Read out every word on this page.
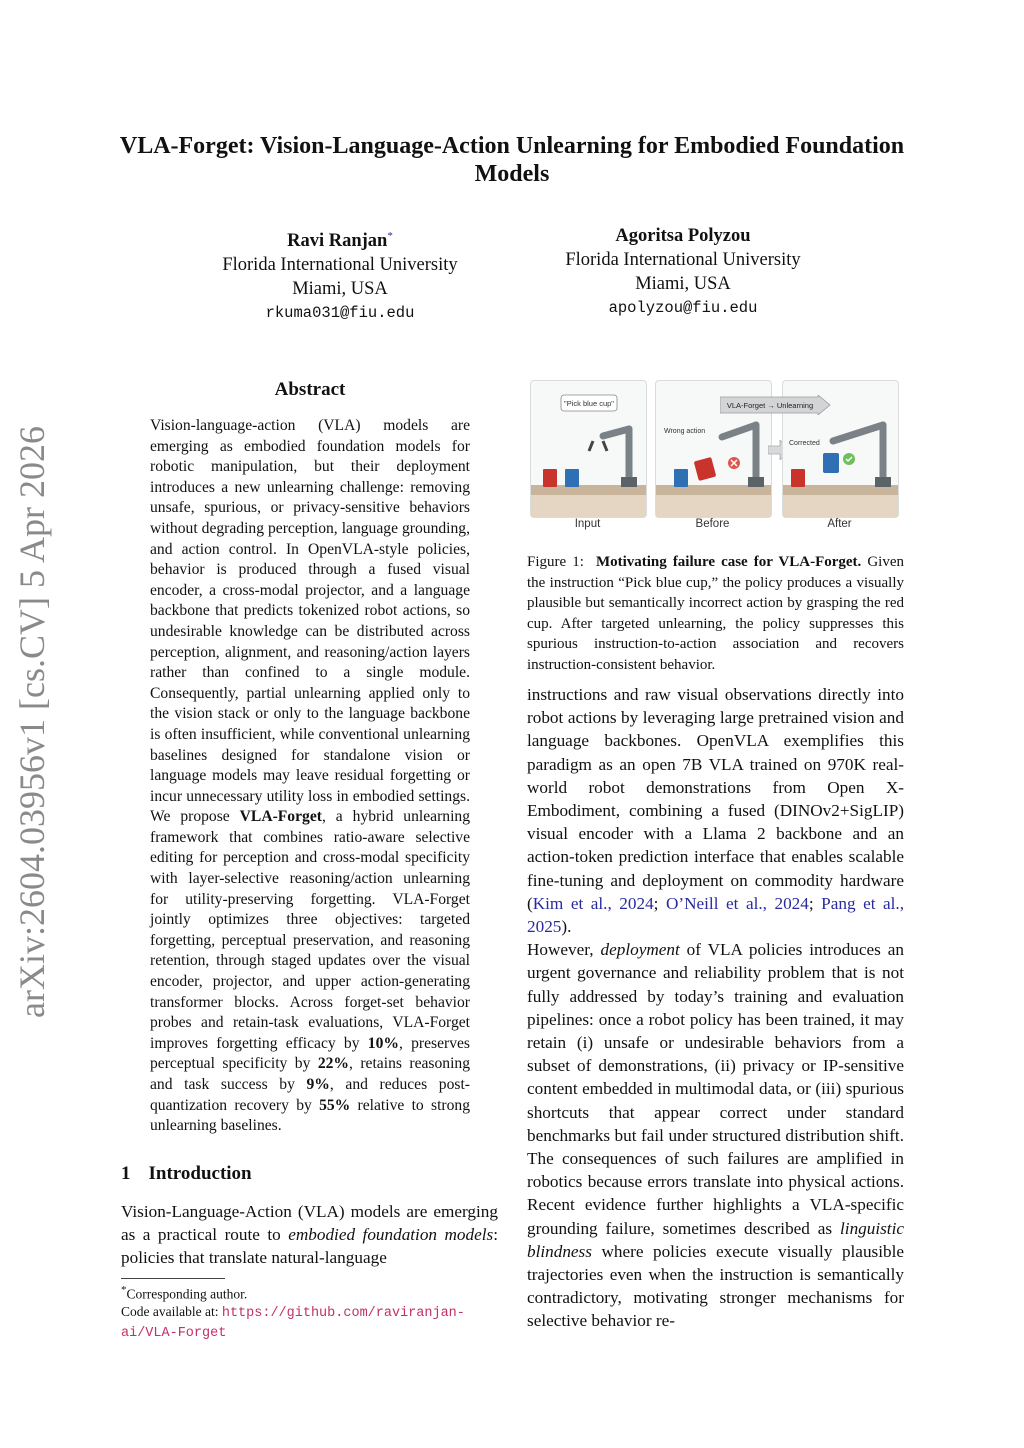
arXiv:2604.03956v1 [cs.CV] 5 Apr 2026
VLA-Forget: Vision-Language-Action Unlearning for Embodied Foundation Models
Ravi Ranjan*
Florida International University
Miami, USA
rkuma031@fiu.edu
Agoritsa Polyzou
Florida International University
Miami, USA
apolyzou@fiu.edu
Abstract

Vision-language-action (VLA) models are emerging as embodied foundation models for robotic manipulation, but their deployment introduces a new unlearning challenge: removing unsafe, spurious, or privacy-sensitive behaviors without degrading perception, language grounding, and action control. In OpenVLA-style policies, behavior is produced through a fused visual encoder, a cross-modal projector, and a language backbone that predicts tokenized robot actions, so undesirable knowledge can be distributed across perception, alignment, and reasoning/action layers rather than confined to a single module. Consequently, partial unlearning applied only to the vision stack or only to the language backbone is often insufficient, while conventional unlearning baselines designed for standalone vision or language models may leave residual forgetting or incur unnecessary utility loss in embodied settings. We propose VLA-Forget, a hybrid unlearning framework that combines ratio-aware selective editing for perception and cross-modal specificity with layer-selective reasoning/action unlearning for utility-preserving forgetting. VLA-Forget jointly optimizes three objectives: targeted forgetting, perceptual preservation, and reasoning retention, through staged updates over the visual encoder, projector, and upper action-generating transformer blocks. Across forget-set behavior probes and retain-task evaluations, VLA-Forget improves forgetting efficacy by 10%, preserves perceptual specificity by 22%, retains reasoning and task success by 9%, and reduces post-quantization recovery by 55% relative to strong unlearning baselines.

1 Introduction

Vision-Language-Action (VLA) models are emerging as a practical route to embodied foundation models: policies that translate natural-language

*Corresponding author.
Code available at: https://github.com/raviranjan-ai/VLA-Forget
"Pick blue cup"
Input
Wrong action
Before
Corrected
After
VLA-Forget → Unlearning

Figure 1: Motivating failure case for VLA-Forget. Given the instruction “Pick blue cup,” the policy produces a visually plausible but semantically incorrect action by grasping the red cup. After targeted unlearning, the policy suppresses this spurious instruction-to-action association and recovers instruction-consistent behavior.

instructions and raw visual observations directly into robot actions by leveraging large pretrained vision and language backbones. OpenVLA exemplifies this paradigm as an open 7B VLA trained on 970K real-world robot demonstrations from Open X-Embodiment, combining a fused (DINOv2+SigLIP) visual encoder with a Llama 2 backbone and an action-token prediction interface that enables scalable fine-tuning and deployment on commodity hardware (Kim et al., 2024; O’Neill et al., 2024; Pang et al., 2025).

However, deployment of VLA policies introduces an urgent governance and reliability problem that is not fully addressed by today’s training and evaluation pipelines: once a robot policy has been trained, it may retain (i) unsafe or undesirable behaviors from a subset of demonstrations, (ii) privacy or IP-sensitive content embedded in multimodal data, or (iii) spurious shortcuts that appear correct under standard benchmarks but fail under structured distribution shift. The consequences of such failures are amplified in robotics because errors translate into physical actions. Recent evidence further highlights a VLA-specific grounding failure, sometimes described as linguistic blindness where policies execute visually plausible trajectories even when the instruction is semantically contradictory, motivating stronger mechanisms for selective behavior re-
